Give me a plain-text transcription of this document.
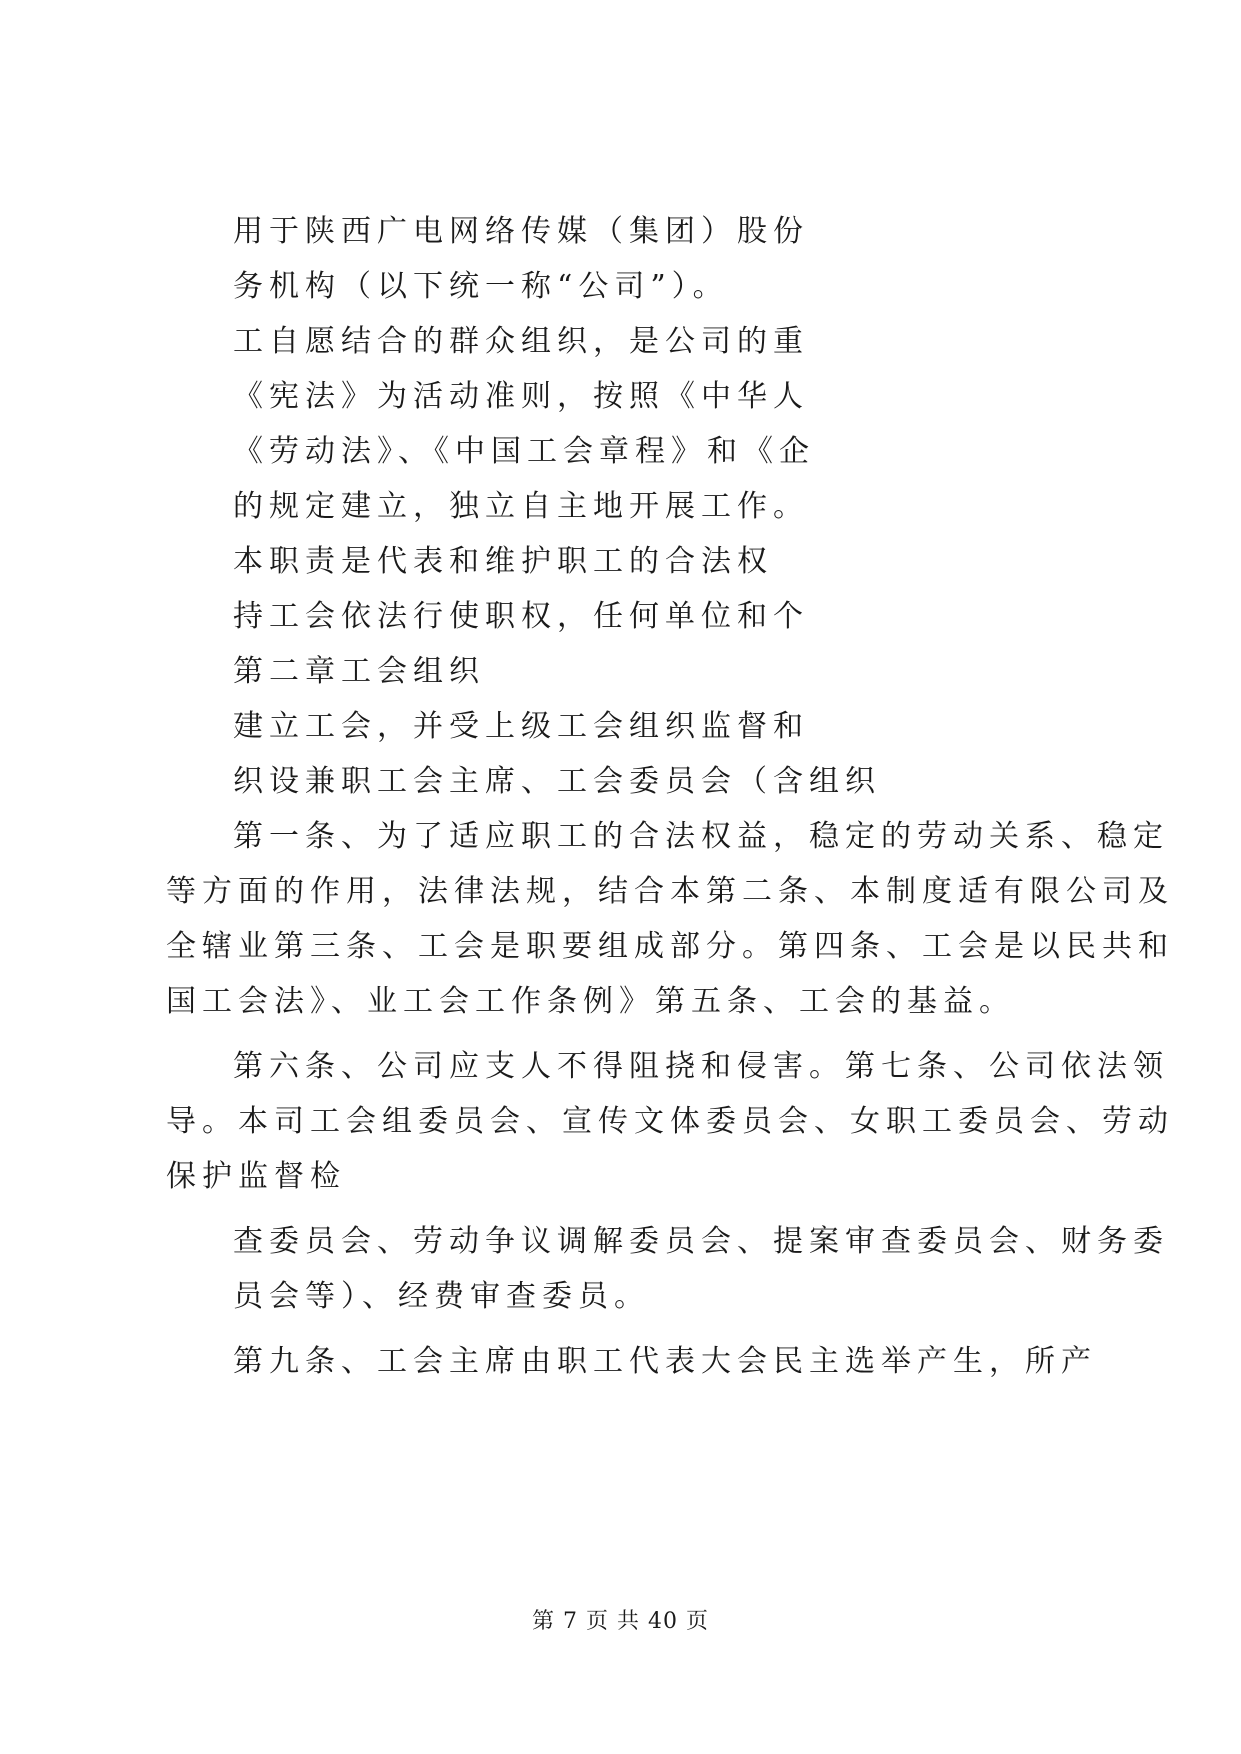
用于陕西广电网络传媒（集团）股份
务机构（以下统一称“公司”）。
工自愿结合的群众组织，是公司的重
《宪法》为活动准则，按照《中华人
《劳动法》、《中国工会章程》和《企
的规定建立，独立自主地开展工作。
本职责是代表和维护职工的合法权
持工会依法行使职权，任何单位和个
第二章工会组织
建立工会，并受上级工会组织监督和
织设兼职工会主席、工会委员会（含组织
第一条、为了适应职工的合法权益，稳定的劳动关系、稳定
等方面的作用，法律法规，结合本第二条、本制度适有限公司及
全辖业第三条、工会是职要组成部分。第四条、工会是以民共和
国工会法》、业工会工作条例》第五条、工会的基益。
第六条、公司应支人不得阻挠和侵害。第七条、公司依法领
导。本司工会组委员会、宣传文体委员会、女职工委员会、劳动
保护监督检
查委员会、劳动争议调解委员会、提案审查委员会、财务委
员会等）、经费审查委员。
第九条、工会主席由职工代表大会民主选举产生，所产
第 7 页 共 40 页
